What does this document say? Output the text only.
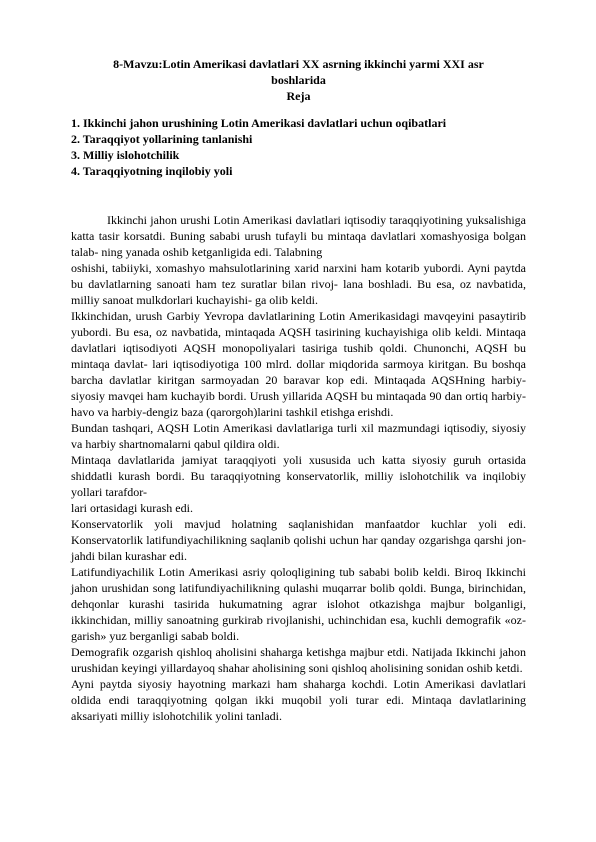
8-Mavzu:Lotin Amerikasi davlatlari XX asrning ikkinchi yarmi XXI asr
boshlarida
Reja
1. Ikkinchi jahon urushining Lotin Amerikasi davlatlari uchun oqibatlari
2. Taraqqiyot yollarining tanlanishi
3. Milliy islohotchilik
4. Taraqqiyotning inqilobiy yoli

Ikkinchi jahon urushi Lotin Amerikasi davlatlari iqtisodiy taraqqiyotining yuksalishiga katta tasir korsatdi. Buning sababi urush tufayli bu mintaqa davlatlari xomashyosiga bolgan talab- ning yanada oshib ketganligida edi. Talabning

oshishi, tabiiyki, xomashyo mahsulotlarining xarid narxini ham kotarib yubordi. Ayni paytda bu davlatlarning sanoati ham tez suratlar bilan rivoj- lana boshladi. Bu esa, oz navbatida, milliy sanoat mulkdorlari kuchayishi- ga olib keldi.

Ikkinchidan, urush Garbiy Yevropa davlatlarining Lotin Amerikasidagi mavqeyini pasaytirib yubordi. Bu esa, oz navbatida, mintaqada AQSH tasirining kuchayishiga olib keldi. Mintaqa davlatlari iqtisodiyoti AQSH monopoliyalari tasiriga tushib qoldi. Chunonchi, AQSH bu mintaqa davlat- lari iqtisodiyotiga 100 mlrd. dollar miqdorida sarmoya kiritgan. Bu boshqa barcha davlatlar kiritgan sarmoyadan 20 baravar kop edi. Mintaqada AQSHning harbiy-siyosiy mavqei ham kuchayib bordi. Urush yillarida AQSH bu mintaqada 90 dan ortiq harbiy-havo va harbiy-dengiz baza (qarorgoh)larini tashkil etishga erishdi.

Bundan tashqari, AQSH Lotin Amerikasi davlatlariga turli xil mazmundagi iqtisodiy, siyosiy va harbiy shartnomalarni qabul qildira oldi.

Mintaqa davlatlarida jamiyat taraqqiyoti yoli xususida uch katta siyosiy guruh ortasida shiddatli kurash bordi. Bu taraqqiyotning konservatorlik, milliy islohotchilik va inqilobiy yollari tarafdor-

lari ortasidagi kurash edi.

Konservatorlik yoli mavjud holatning saqlanishidan manfaatdor kuchlar yoli edi. Konservatorlik latifundiyachilikning saqlanib qolishi uchun har qanday ozgarishga qarshi jon-jahdi bilan kurashar edi.

Latifundiyachilik Lotin Amerikasi asriy qoloqligining tub sababi bolib keldi. Biroq Ikkinchi jahon urushidan song latifundiyachilikning qulashi muqarrar bolib qoldi. Bunga, birinchidan, dehqonlar kurashi tasirida hukumatning agrar islohot otkazishga majbur bolganligi, ikkinchidan, milliy sanoatning gurkirab rivojlanishi, uchinchidan esa, kuchli demografik «oz- garish» yuz berganligi sabab boldi.

Demografik ozgarish qishloq aholisini shaharga ketishga majbur etdi. Natijada Ikkinchi jahon urushidan keyingi yillardayoq shahar aholisining soni qishloq aholisining sonidan oshib ketdi.

Ayni paytda siyosiy hayotning markazi ham shaharga kochdi. Lotin Amerikasi davlatlari oldida endi taraqqiyotning qolgan ikki muqobil yoli turar edi. Mintaqa davlatlarining aksariyati milliy islohotchilik yolini tanladi.
